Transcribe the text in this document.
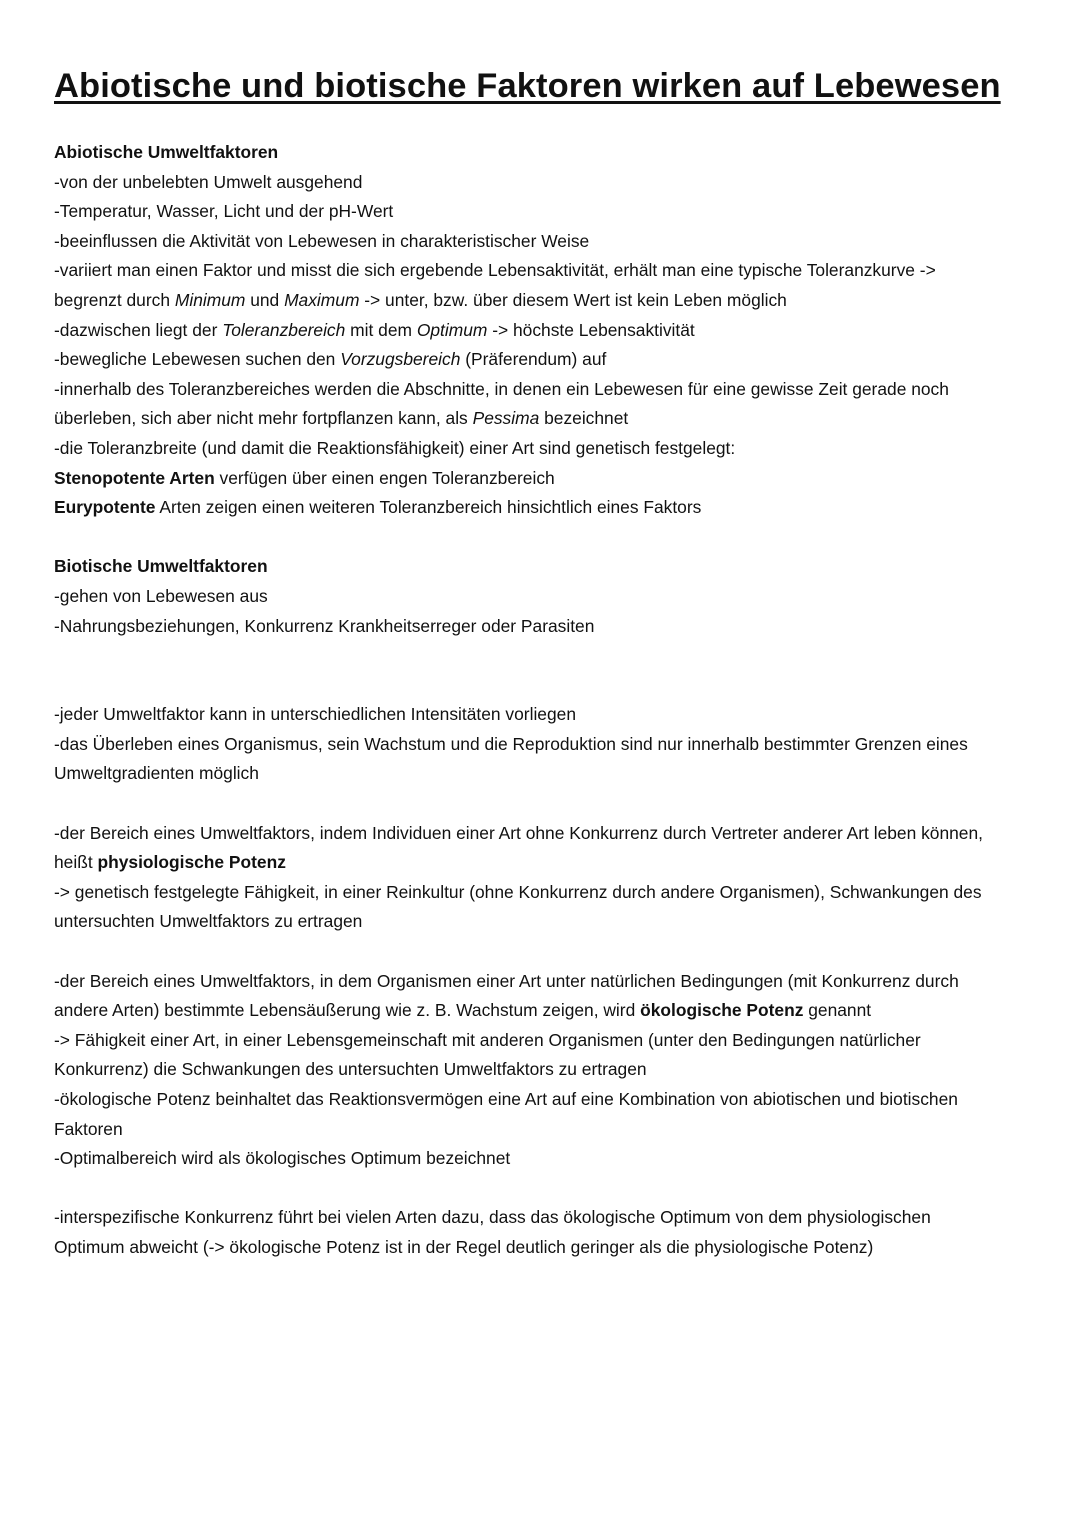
Abiotische und biotische Faktoren wirken auf Lebewesen
Abiotische Umweltfaktoren
-von der unbelebten Umwelt ausgehend
-Temperatur, Wasser, Licht und der pH-Wert
-beeinflussen die Aktivität von Lebewesen in charakteristischer Weise
-variiert man einen Faktor und misst die sich ergebende Lebensaktivität, erhält man eine typische Toleranzkurve ->
begrenzt durch Minimum und Maximum -> unter, bzw. über diesem Wert ist kein Leben möglich
-dazwischen liegt der Toleranzbereich mit dem Optimum -> höchste Lebensaktivität
-bewegliche Lebewesen suchen den Vorzugsbereich (Präferendum) auf
-innerhalb des Toleranzbereiches werden die Abschnitte, in denen ein Lebewesen für eine gewisse Zeit gerade noch
überleben, sich aber nicht mehr fortpflanzen kann, als Pessima bezeichnet
-die Toleranzbreite (und damit die Reaktionsfähigkeit) einer Art sind genetisch festgelegt:
Stenopotente Arten verfügen über einen engen Toleranzbereich
Eurypotente Arten zeigen einen weiteren Toleranzbereich hinsichtlich eines Faktors
Biotische Umweltfaktoren
-gehen von Lebewesen aus
-Nahrungsbeziehungen, Konkurrenz Krankheitserreger oder Parasiten
-jeder Umweltfaktor kann in unterschiedlichen Intensitäten vorliegen
-das Überleben eines Organismus, sein Wachstum und die Reproduktion sind nur innerhalb bestimmter Grenzen eines
Umweltgradienten möglich
-der Bereich eines Umweltfaktors, indem Individuen einer Art ohne Konkurrenz durch Vertreter anderer Art leben können,
heißt physiologische Potenz
-> genetisch festgelegte Fähigkeit, in einer Reinkultur (ohne Konkurrenz durch andere Organismen), Schwankungen des
untersuchten Umweltfaktors zu ertragen
-der Bereich eines Umweltfaktors, in dem Organismen einer Art unter natürlichen Bedingungen (mit Konkurrenz durch
andere Arten) bestimmte Lebensäußerung wie z. B. Wachstum zeigen, wird ökologische Potenz genannt
-> Fähigkeit einer Art, in einer Lebensgemeinschaft mit anderen Organismen (unter den Bedingungen natürlicher
Konkurrenz) die Schwankungen des untersuchten Umweltfaktors zu ertragen
-ökologische Potenz beinhaltet das Reaktionsvermögen eine Art auf eine Kombination von abiotischen und biotischen
Faktoren
-Optimalbereich wird als ökologisches Optimum bezeichnet
-interspezifische Konkurrenz führt bei vielen Arten dazu, dass das ökologische Optimum von dem physiologischen
Optimum abweicht (-> ökologische Potenz ist in der Regel deutlich geringer als die physiologische Potenz)
